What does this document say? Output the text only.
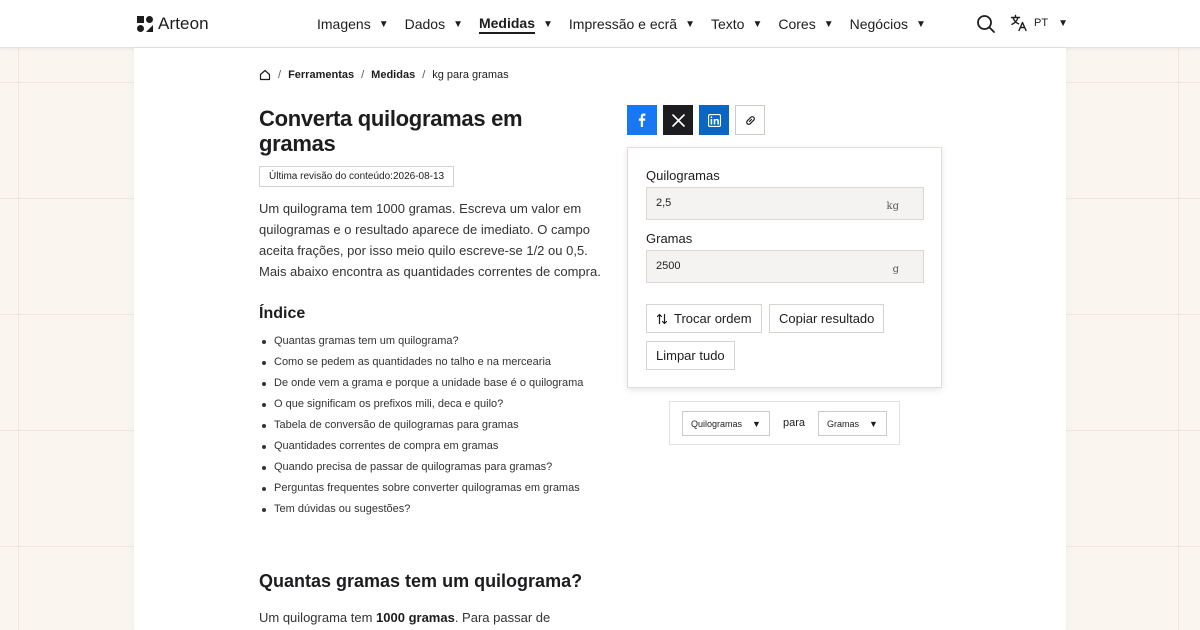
Arteon	Imagens ▼ Dados ▼ Medidas ▼ Impressão e ecrã ▼ Texto ▼ Cores ▼ Negócios ▼	PT ▼
/ Ferramentas / Medidas / kg para gramas
Converta quilogramas em gramas
Última revisão do conteúdo:2026-08-13

Um quilograma tem 1000 gramas. Escreva um valor em quilogramas e o resultado aparece de imediato. O campo aceita frações, por isso meio quilo escreve-se 1/2 ou 0,5. Mais abaixo encontra as quantidades correntes de compra.

Índice
Quantas gramas tem um quilograma?
Como se pedem as quantidades no talho e na mercearia
De onde vem a grama e porque a unidade base é o quilograma
O que significam os prefixos mili, deca e quilo?
Tabela de conversão de quilogramas para gramas
Quantidades correntes de compra em gramas
Quando precisa de passar de quilogramas para gramas?
Perguntas frequentes sobre converter quilogramas em gramas
Tem dúvidas ou sugestões?
Quantas gramas tem um quilograma?

Um quilograma tem 1000 gramas. Para passar de

Quilogramas
2,5	kg
Gramas
2500	g
Trocar ordem Copiar resultado
Limpar tudo
Quilogramas ▼ para Gramas ▼
